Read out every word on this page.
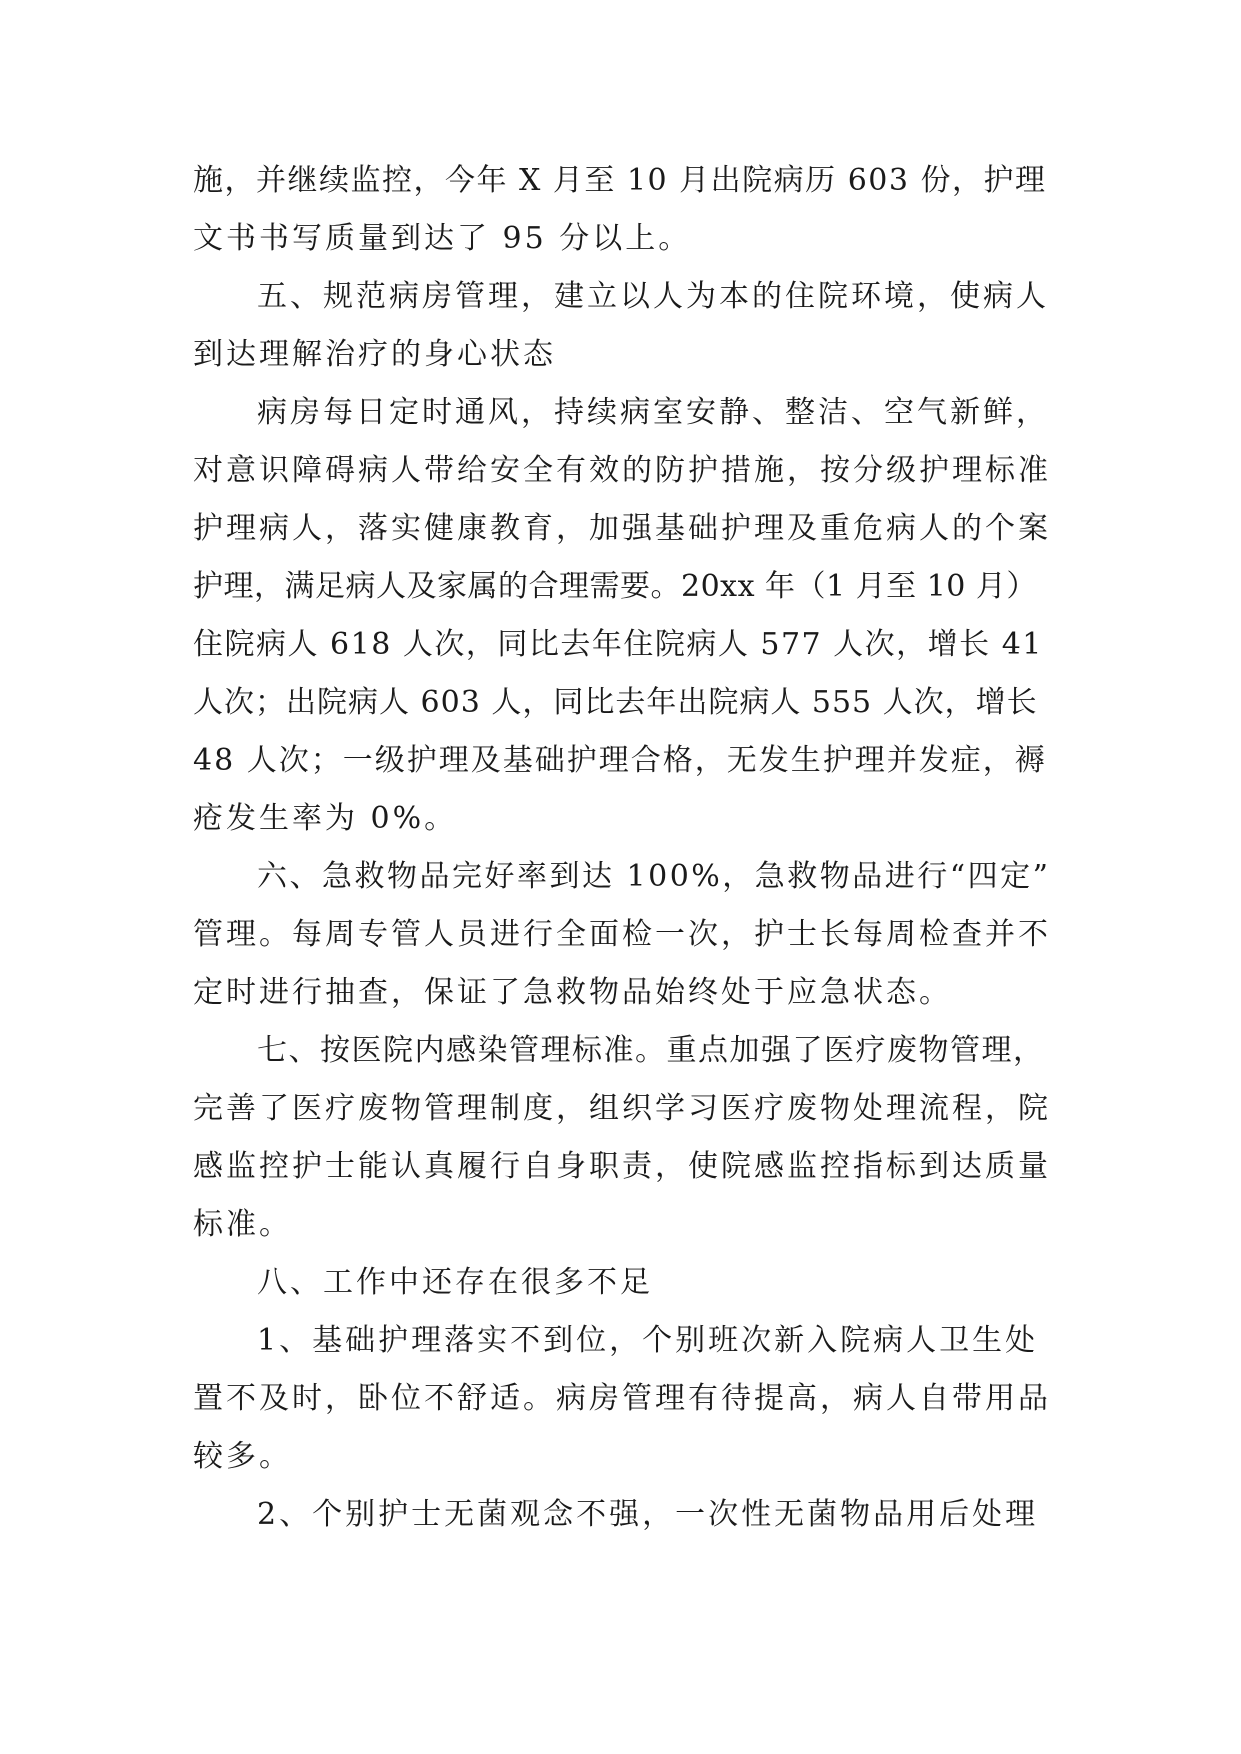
施，并继续监控，今年 X 月至 10 月出院病历 603 份，护理
文书书写质量到达了 95 分以上。
五、规范病房管理，建立以人为本的住院环境，使病人
到达理解治疗的身心状态
病房每日定时通风，持续病室安静、整洁、空气新鲜，
对意识障碍病人带给安全有效的防护措施，按分级护理标准
护理病人，落实健康教育，加强基础护理及重危病人的个案
护理，满足病人及家属的合理需要。20xx 年（1 月至 10 月）
住院病人 618 人次，同比去年住院病人 577 人次，增长 41
人次；出院病人 603 人，同比去年出院病人 555 人次，增长
48 人次；一级护理及基础护理合格，无发生护理并发症，褥
疮发生率为 0%。
六、急救物品完好率到达 100%，急救物品进行“四定”
管理。每周专管人员进行全面检一次，护士长每周检查并不
定时进行抽查，保证了急救物品始终处于应急状态。
七、按医院内感染管理标准。重点加强了医疗废物管理，
完善了医疗废物管理制度，组织学习医疗废物处理流程，院
感监控护士能认真履行自身职责，使院感监控指标到达质量
标准。
八、工作中还存在很多不足
1、基础护理落实不到位，个别班次新入院病人卫生处
置不及时，卧位不舒适。病房管理有待提高，病人自带用品
较多。
2、个别护士无菌观念不强，一次性无菌物品用后处理
